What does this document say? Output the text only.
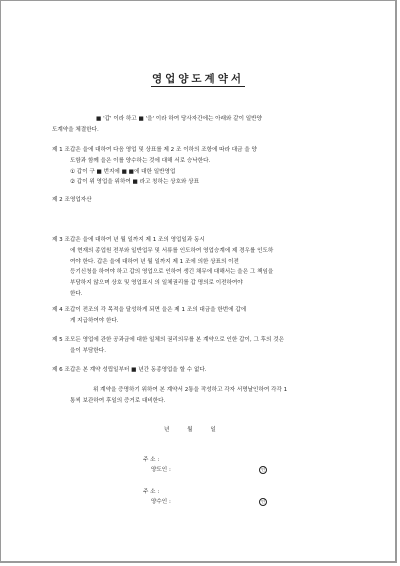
영업양도계약서
■ '갑' 이라 하고 ■ '을' 이라 하여 당사자간에는 아래와 같이 일반양
도계약을 체결한다.
제 1 조 갑은 을에 대하여 다음 영업 및 상표를 제 2 조 이하의 조항에 따라 대금 을 양
도함과 함께 을은 이를 양수하는 것에 대해 서로 승낙한다.
① 갑이 구 ■ 번지에 ■ ■에 대한 일반영업
② 갑이 위 영업을 위하여 ■ 라고 칭하는 상호와 상표
제 2 조 영업자산
제 3 조 갑은 을에 대하여 년 월 일까지 제 1 조의 영업일과 동시
에 현재의 종업원 전부와 일반업무 및 서류를 인도하여 영업승계에 제 경우를 인도하
여야 한다. 갑은 을에 대하여 년 월 일까지 제 1 조에 의한 상표의 이전
등기신청을 하여야 하고 갑의 영업으로 인하여 생긴 채무에 대해서는 을은 그 책임을
부담하지 않으며 상호 및 영업표시 의 일체권리를 갑 명의로 이전하여야
한다.
제 4 조 갑이 전조의 각 목적을 달성하게 되면 을은 제 1 조의 대금을 한번에 갑에
게 지급하여야 한다.
제 5 조 모든 영업에 관한 공과금에 대한 일체의 권리의무를 본 계약으로 인한 갑이, 그 후의 것은
을이 부담한다.
제 6 조 갑은 본 계약 성립일부터 ■ 년간 동종영업을 할 수 없다.
위 계약을 증명하기 위하여 본 계약서 2통을 작성하고 각자 서명날인하여 각각 1
통씩 보관하여 후일의 증거로 대비한다.
년 월 일
주 소 :
양도인 :	인
주 소 :
양수인 :	인
